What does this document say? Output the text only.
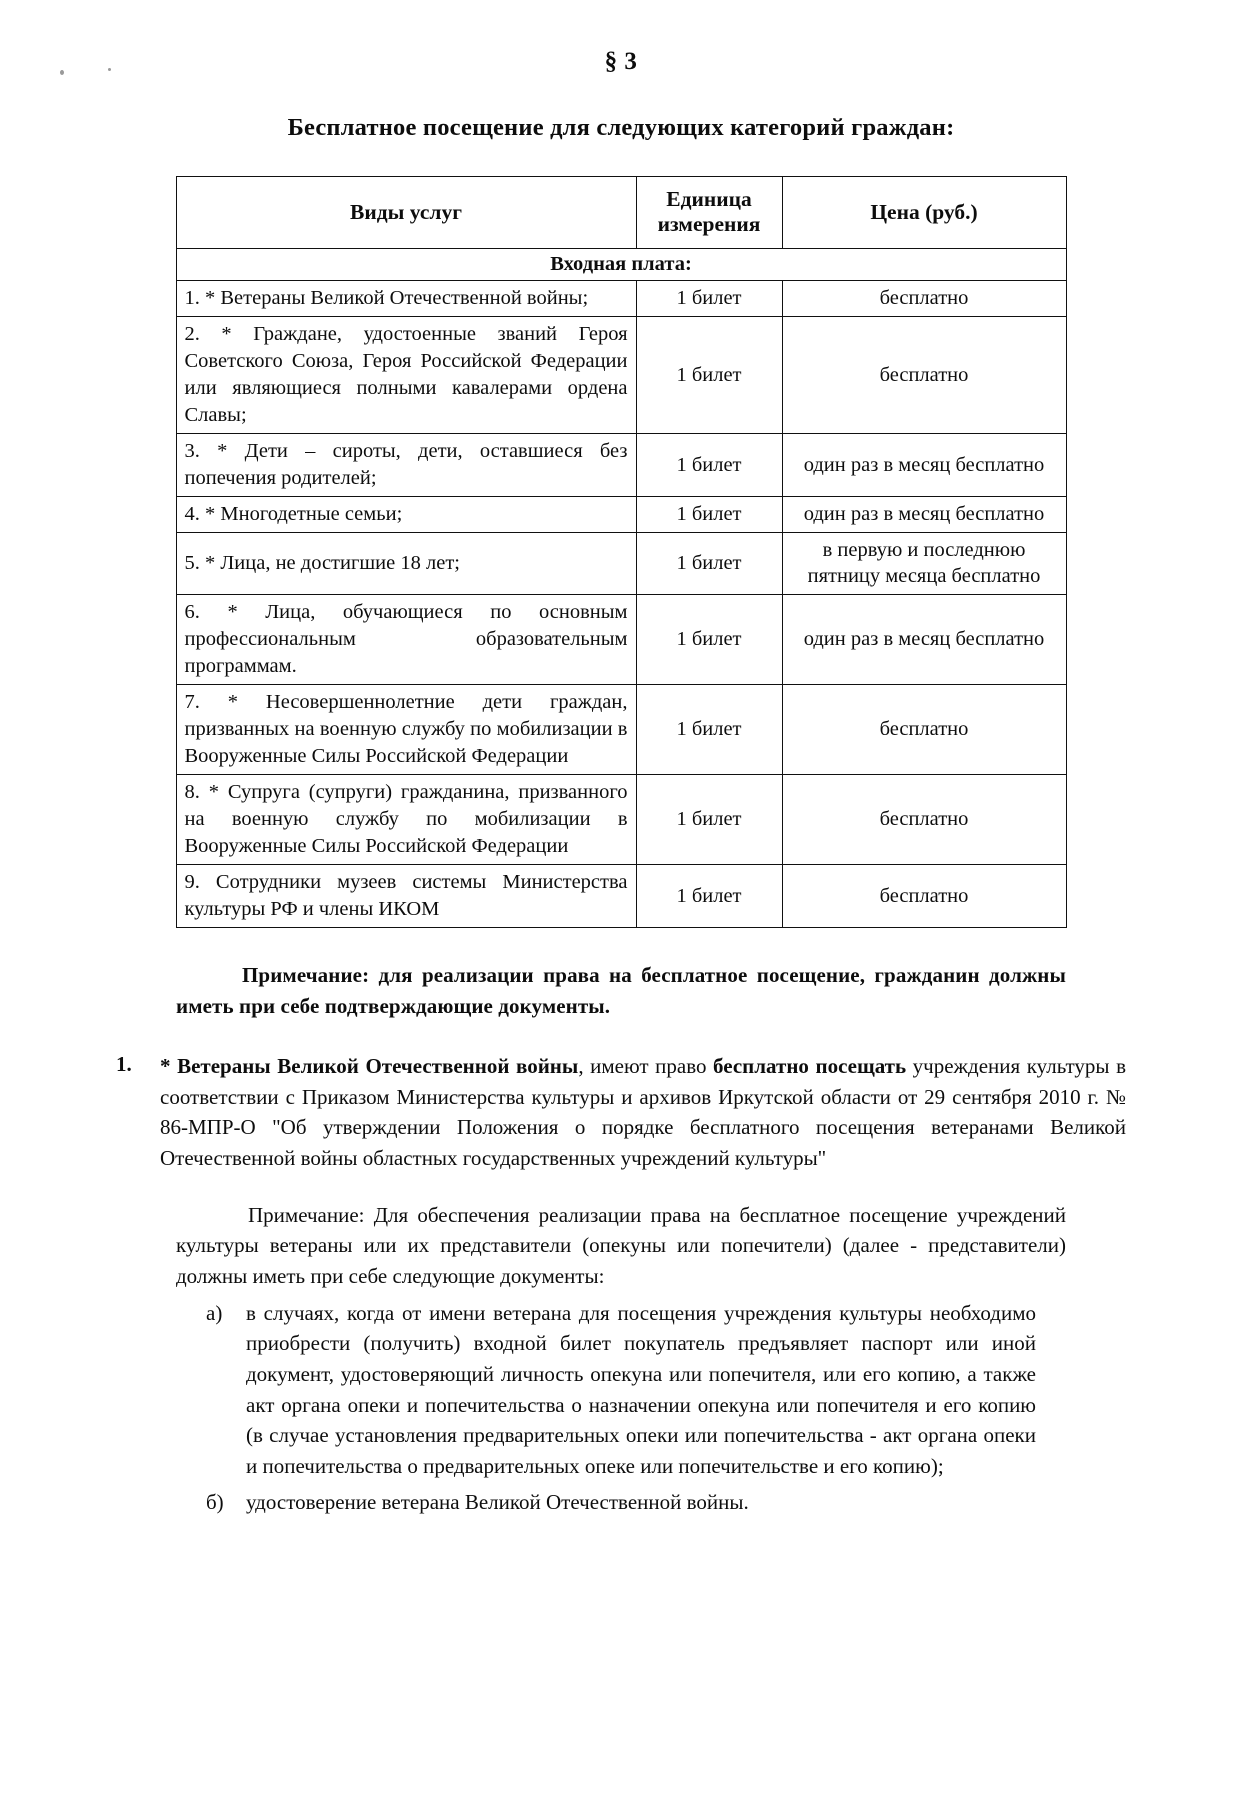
§ 3
Бесплатное посещение для следующих категорий граждан:
Виды услуг	Единица измерения	Цена (руб.)
Входная плата:		
1. * Ветераны Великой Отечественной войны;	1 билет	бесплатно
2. * Граждане, удостоенные званий Героя Советского Союза, Героя Российской Федерации или являющиеся полными кавалерами ордена Славы;	1 билет	бесплатно
3. * Дети – сироты, дети, оставшиеся без попечения родителей;	1 билет	один раз в месяц бесплатно
4. * Многодетные семьи;	1 билет	один раз в месяц бесплатно
5. * Лица, не достигшие 18 лет;	1 билет	в первую и последнюю пятницу месяца бесплатно
6. * Лица, обучающиеся по основным профессиональным образовательным программам.	1 билет	один раз в месяц бесплатно
7. * Несовершеннолетние дети граждан, призванных на военную службу по мобилизации в Вооруженные Силы Российской Федерации	1 билет	бесплатно
8. * Супруга (супруги) гражданина, призванного на военную службу по мобилизации в Вооруженные Силы Российской Федерации	1 билет	бесплатно
9. Сотрудники музеев системы Министерства культуры РФ и члены ИКОМ	1 билет	бесплатно
Примечание: для реализации права на бесплатное посещение, гражданин должны иметь при себе подтверждающие документы.
1.	* Ветераны Великой Отечественной войны, имеют право бесплатно посещать учреждения культуры в соответствии с Приказом Министерства культуры и архивов Иркутской области от 29 сентября 2010 г. № 86-МПР-О "Об утверждении Положения о порядке бесплатного посещения ветеранами Великой Отечественной войны областных государственных учреждений культуры"
Примечание: Для обеспечения реализации права на бесплатное посещение учреждений культуры ветераны или их представители (опекуны или попечители) (далее - представители) должны иметь при себе следующие документы:
а)	в случаях, когда от имени ветерана для посещения учреждения культуры необходимо приобрести (получить) входной билет покупатель предъявляет паспорт или иной документ, удостоверяющий личность опекуна или попечителя, или его копию, а также акт органа опеки и попечительства о назначении опекуна или попечителя и его копию (в случае установления предварительных опеки или попечительства - акт органа опеки и попечительства о предварительных опеке или попечительстве и его копию);
б)	удостоверение ветерана Великой Отечественной войны.
